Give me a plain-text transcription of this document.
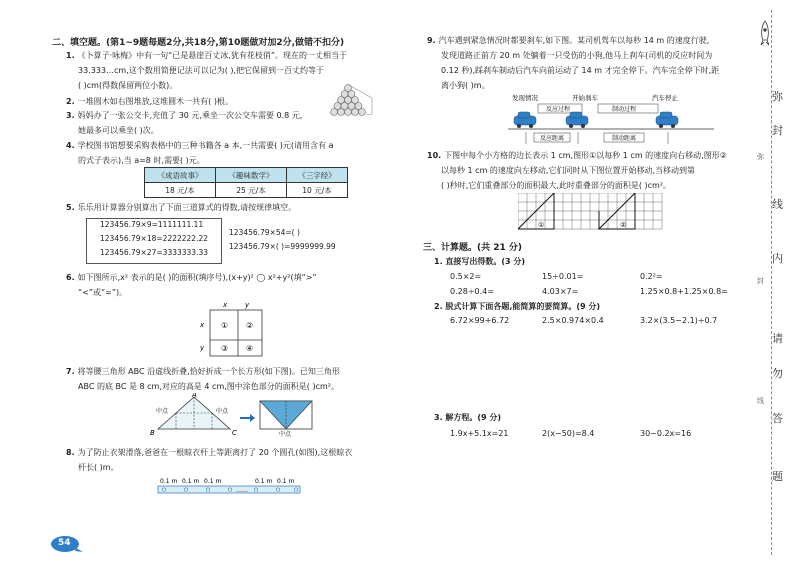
二、填空题。(第1~9题每题2分,共18分,第10题做对加2分,做错不扣分)
1. 《卜算子·咏梅》中有一句“已是悬崖百丈冰,犹有花枝俏”。现在的一丈相当于
33.333…cm,这个数用简便记法可以记为( ),把它保留到一百丈约等于
( )cm(得数保留两位小数)。
2. 一堆圆木如右图堆放,这堆圆木一共有( )根。
3. 妈妈办了一张公交卡,充值了 30 元,乘坐一次公交车需要 0.8 元,
她最多可以乘坐( )次。
4. 学校图书馆想要采购表格中的三种书籍各 a 本,一共需要( )元(请用含有 a
的式子表示),当 a=8 时,需要( )元。
《成语故事》	《趣味数学》	《三字经》
18 元/本	25 元/本	10 元/本
5. 乐乐用计算器分别算出了下面三道算式的得数,请按规律填空。
123456.79×9=1111111.11
123456.79×18=2222222.22
123456.79×27=3333333.33
123456.79×54=( )
123456.79×( )=9999999.99
6. 如下图所示,x² 表示的是( )的面积(填序号),(x+y)² ◯ x²+y²(填“>”
“<”或“=”)。
x	y
x
y
① ②
③ ④
7. 将等腰三角形 ABC 沿虚线折叠,恰好折成一个长方形(如下图)。已知三角形
ABC 的底 BC 是 8 cm,对应的高是 4 cm,图中涂色部分的面积是( )cm²。
A
B	C
中点	中点
中点
8. 为了防止衣架滑落,爸爸在一根晾衣杆上等距离打了 20 个圆孔(如图),这根晾衣
杆长( )m。
0.1 m 0.1 m 0.1 m	0.1 m 0.1 m
……
54
9. 汽车遇到紧急情况时都要刹车,如下图。某司机驾车以每秒 14 m 的速度行驶,
发现道路正前方 20 m 处躺着一只受伤的小狗,他马上刹车(司机的反应时间为
0.12 秒),踩刹车制动后汽车向前运动了 14 m 才完全停下。汽车完全停下时,距
离小狗( )m。
发现情况	开始刹车	汽车停止
反应过程	制动过程
反应距离	制动距离
10. 下图中每个小方格的边长表示 1 cm,图形①以每秒 1 cm 的速度向右移动,图形②
以每秒 1 cm 的速度向左移动,它们同时从下图位置开始移动,当移动到第
( )秒时,它们重叠部分的面积最大,此时重叠部分的面积是( )cm²。
①	②
三、计算题。(共 21 分)
1. 直接写出得数。(3 分)
0.5×2=	15÷0.01=	0.2²=
0.28÷0.4=	4.03×7=	1.25×0.8+1.25×0.8=
2. 脱式计算下面各题,能简算的要简算。(9 分)
6.72×99+6.72	2.5×0.974×0.4	3.2×(3.5−2.1)÷0.7
3. 解方程。(9 分)
1.9x+5.1x=21	2(x−50)=8.4	30−0.2x=16
弥
封
线
内
请
勿
答
题
弥
封
线
